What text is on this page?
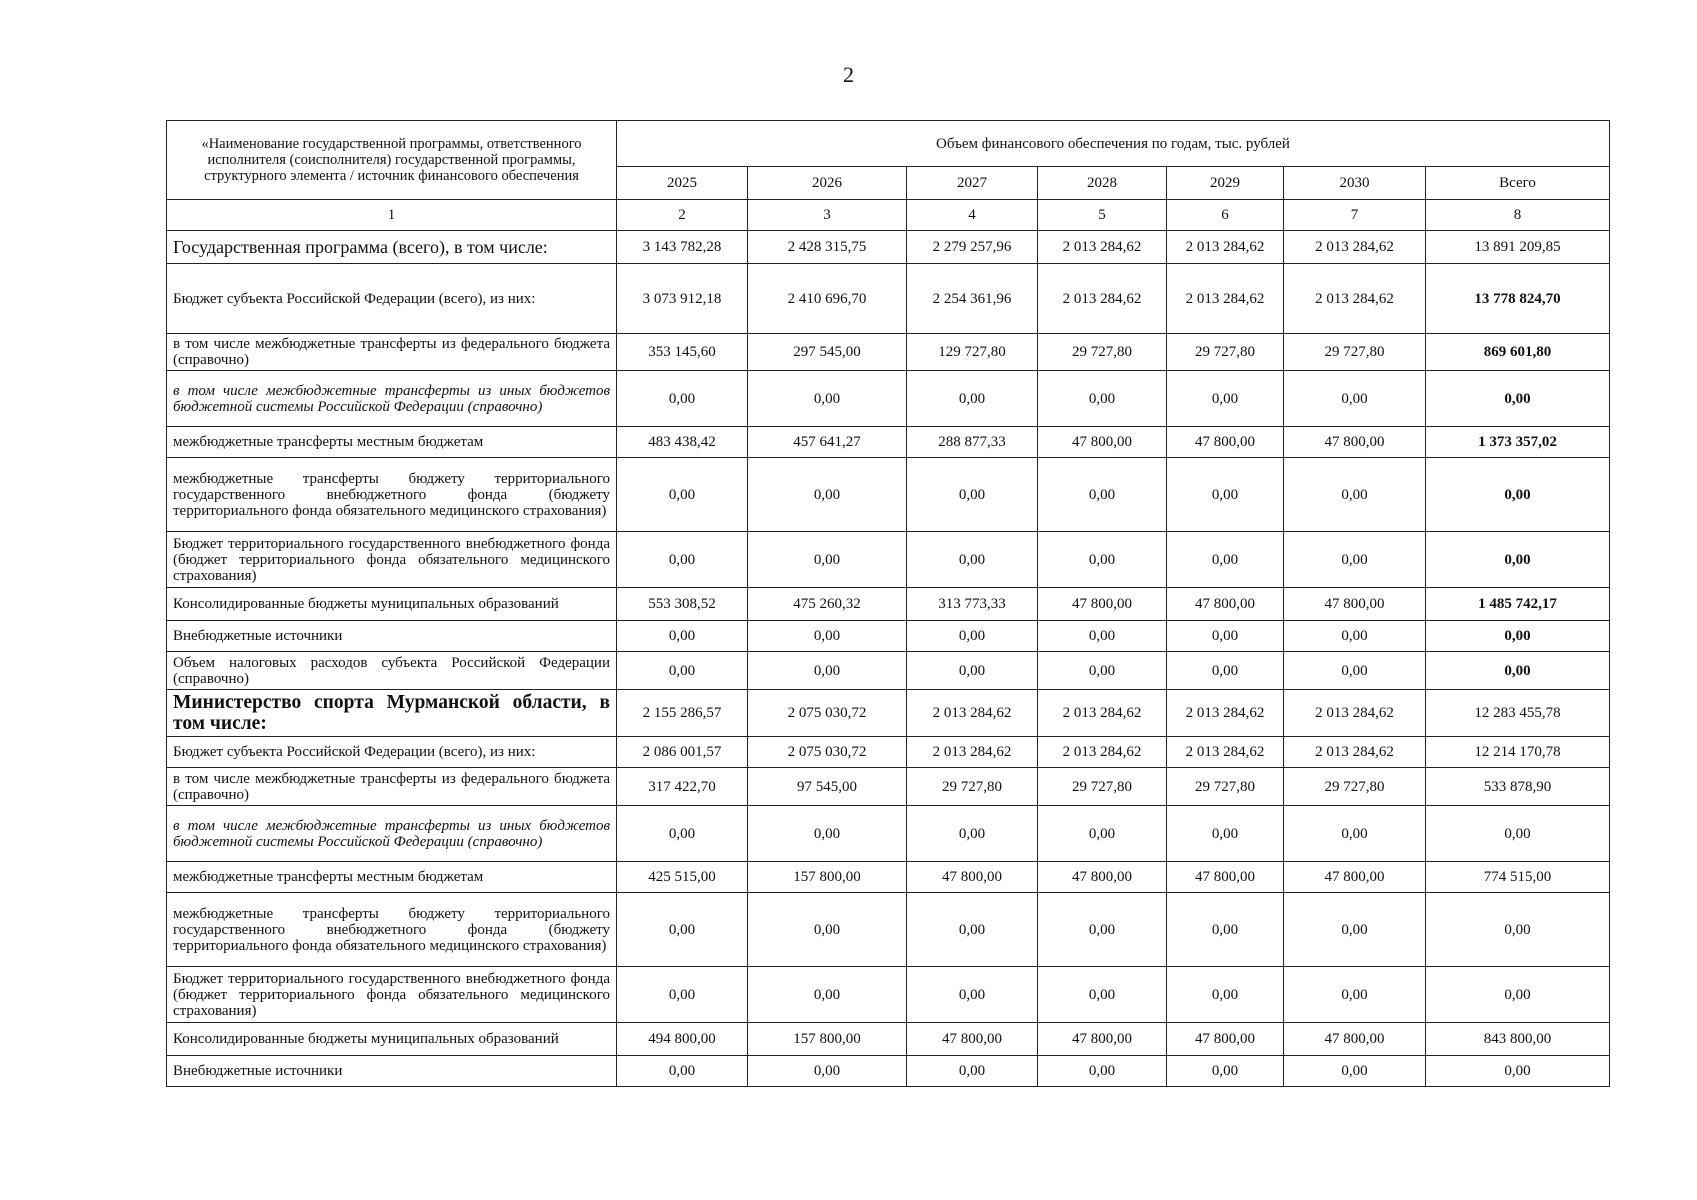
2
«Наименование государственной программы, ответственного исполнителя (соисполнителя) государственной программы, структурного элемента / источник финансового обеспечения	Объем финансового обеспечения по годам, тыс. рублей						
	2025	2026	2027	2028	2029	2030	Всего
1	2	3	4	5	6	7	8
Государственная программа (всего), в том числе:	3 143 782,28	2 428 315,75	2 279 257,96	2 013 284,62	2 013 284,62	2 013 284,62	13 891 209,85
Бюджет субъекта Российской Федерации (всего), из них:	3 073 912,18	2 410 696,70	2 254 361,96	2 013 284,62	2 013 284,62	2 013 284,62	13 778 824,70
в том числе межбюджетные трансферты из федерального бюджета (справочно)	353 145,60	297 545,00	129 727,80	29 727,80	29 727,80	29 727,80	869 601,80
в том числе межбюджетные трансферты из иных бюджетов бюджетной системы Российской Федерации (справочно)	0,00	0,00	0,00	0,00	0,00	0,00	0,00
межбюджетные трансферты местным бюджетам	483 438,42	457 641,27	288 877,33	47 800,00	47 800,00	47 800,00	1 373 357,02
межбюджетные трансферты бюджету территориального государственного внебюджетного фонда (бюджету территориального фонда обязательного медицинского страхования)	0,00	0,00	0,00	0,00	0,00	0,00	0,00
Бюджет территориального государственного внебюджетного фонда (бюджет территориального фонда обязательного медицинского страхования)	0,00	0,00	0,00	0,00	0,00	0,00	0,00
Консолидированные бюджеты муниципальных образований	553 308,52	475 260,32	313 773,33	47 800,00	47 800,00	47 800,00	1 485 742,17
Внебюджетные источники	0,00	0,00	0,00	0,00	0,00	0,00	0,00
Объем налоговых расходов субъекта Российской Федерации (справочно)	0,00	0,00	0,00	0,00	0,00	0,00	0,00
Министерство спорта Мурманской области, в том числе:	2 155 286,57	2 075 030,72	2 013 284,62	2 013 284,62	2 013 284,62	2 013 284,62	12 283 455,78
Бюджет субъекта Российской Федерации (всего), из них:	2 086 001,57	2 075 030,72	2 013 284,62	2 013 284,62	2 013 284,62	2 013 284,62	12 214 170,78
в том числе межбюджетные трансферты из федерального бюджета (справочно)	317 422,70	97 545,00	29 727,80	29 727,80	29 727,80	29 727,80	533 878,90
в том числе межбюджетные трансферты из иных бюджетов бюджетной системы Российской Федерации (справочно)	0,00	0,00	0,00	0,00	0,00	0,00	0,00
межбюджетные трансферты местным бюджетам	425 515,00	157 800,00	47 800,00	47 800,00	47 800,00	47 800,00	774 515,00
межбюджетные трансферты бюджету территориального государственного внебюджетного фонда (бюджету территориального фонда обязательного медицинского страхования)	0,00	0,00	0,00	0,00	0,00	0,00	0,00
Бюджет территориального государственного внебюджетного фонда (бюджет территориального фонда обязательного медицинского страхования)	0,00	0,00	0,00	0,00	0,00	0,00	0,00
Консолидированные бюджеты муниципальных образований	494 800,00	157 800,00	47 800,00	47 800,00	47 800,00	47 800,00	843 800,00
Внебюджетные источники	0,00	0,00	0,00	0,00	0,00	0,00	0,00
